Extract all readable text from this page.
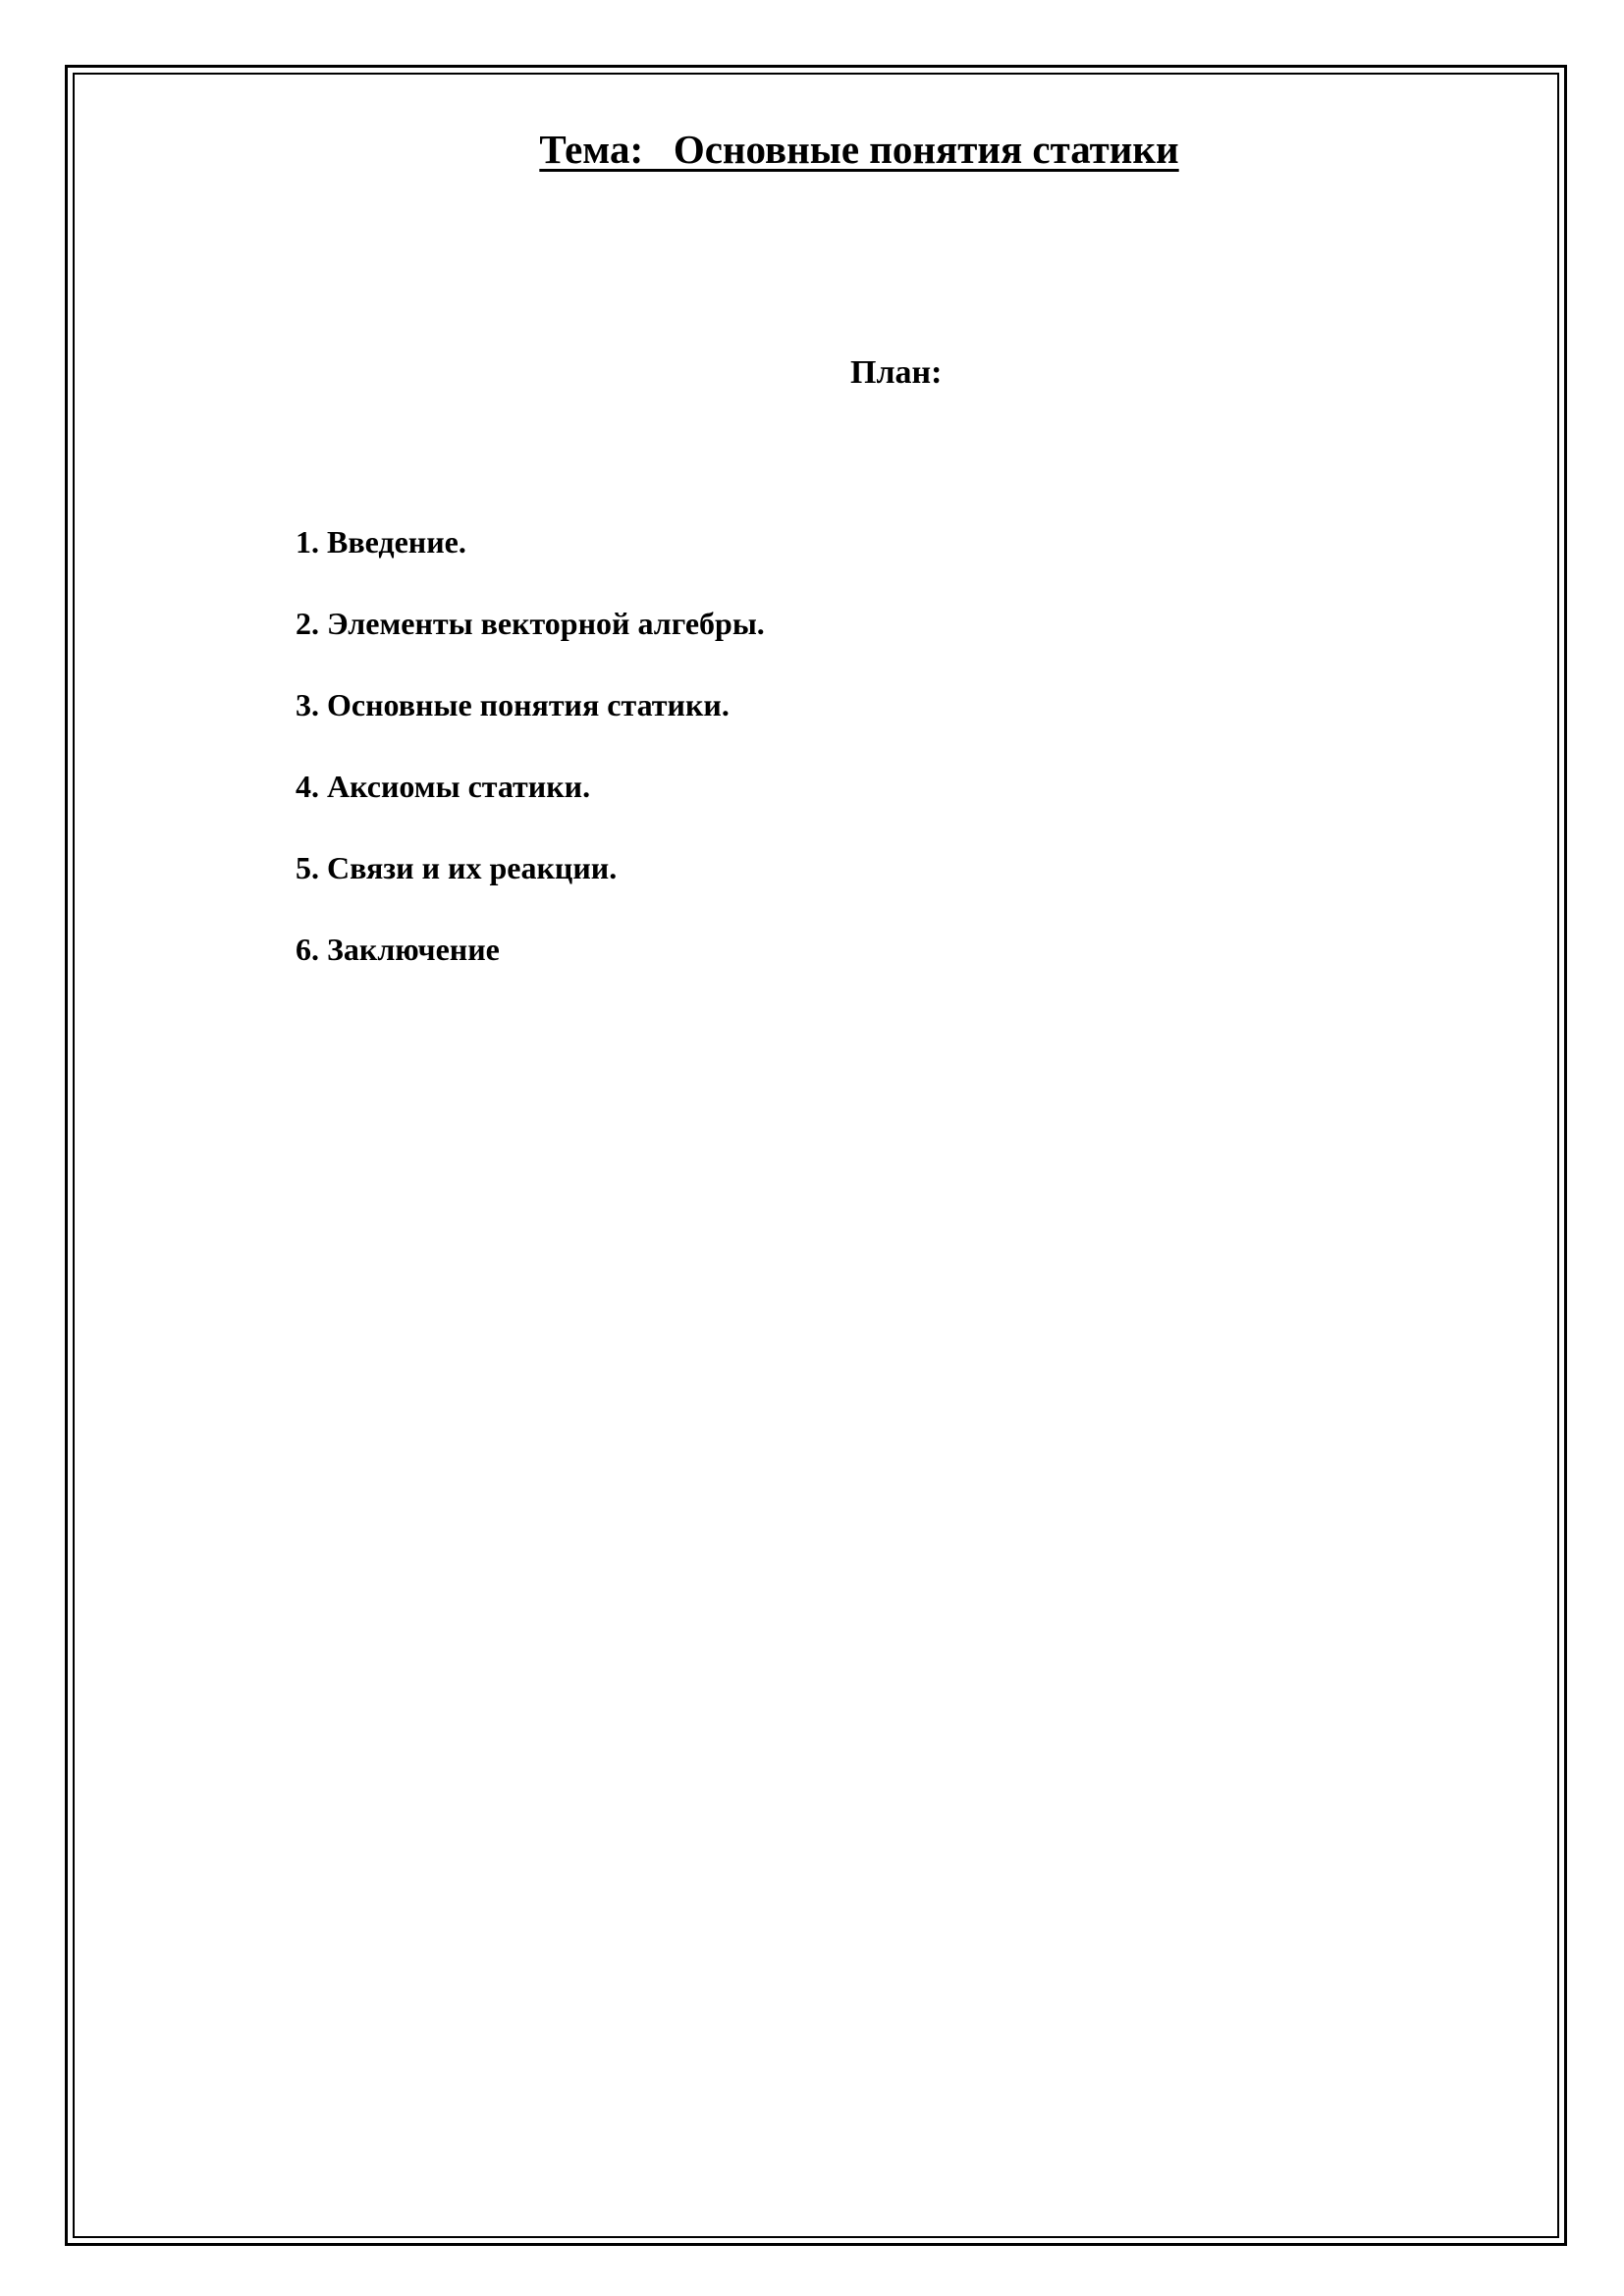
Тема:   Основные понятия статики
План:
1. Введение.
2. Элементы векторной алгебры.
3. Основные понятия статики.
4. Аксиомы статики.
5. Связи и их реакции.
6. Заключение
